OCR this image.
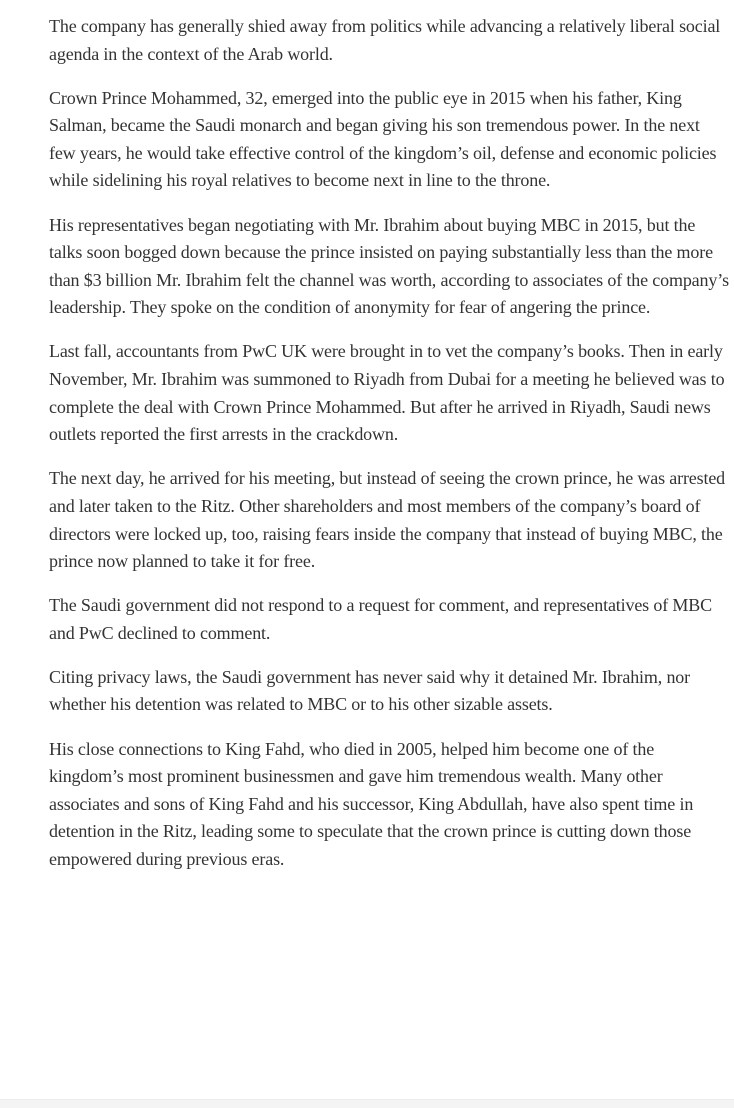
The company has generally shied away from politics while advancing a relatively liberal social agenda in the context of the Arab world.

Crown Prince Mohammed, 32, emerged into the public eye in 2015 when his father, King Salman, became the Saudi monarch and began giving his son tremendous power. In the next few years, he would take effective control of the kingdom’s oil, defense and economic policies while sidelining his royal relatives to become next in line to the throne.

His representatives began negotiating with Mr. Ibrahim about buying MBC in 2015, but the talks soon bogged down because the prince insisted on paying substantially less than the more than $3 billion Mr. Ibrahim felt the channel was worth, according to associates of the company’s leadership. They spoke on the condition of anonymity for fear of angering the prince.

Last fall, accountants from PwC UK were brought in to vet the company’s books. Then in early November, Mr. Ibrahim was summoned to Riyadh from Dubai for a meeting he believed was to complete the deal with Crown Prince Mohammed. But after he arrived in Riyadh, Saudi news outlets reported the first arrests in the crackdown.

The next day, he arrived for his meeting, but instead of seeing the crown prince, he was arrested and later taken to the Ritz. Other shareholders and most members of the company’s board of directors were locked up, too, raising fears inside the company that instead of buying MBC, the prince now planned to take it for free.

The Saudi government did not respond to a request for comment, and representatives of MBC and PwC declined to comment.

Citing privacy laws, the Saudi government has never said why it detained Mr. Ibrahim, nor whether his detention was related to MBC or to his other sizable assets.

His close connections to King Fahd, who died in 2005, helped him become one of the kingdom’s most prominent businessmen and gave him tremendous wealth. Many other associates and sons of King Fahd and his successor, King Abdullah, have also spent time in detention in the Ritz, leading some to speculate that the crown prince is cutting down those empowered during previous eras.
